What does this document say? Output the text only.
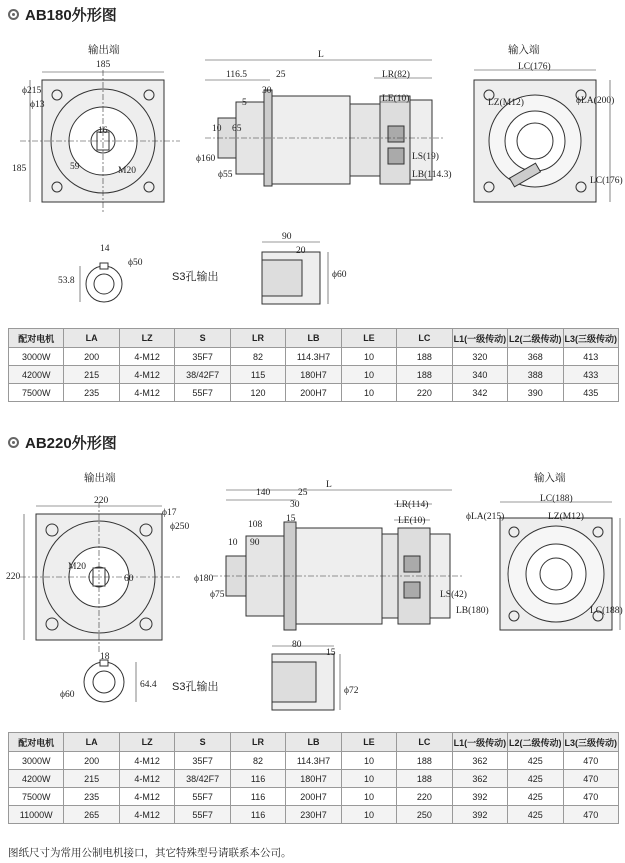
AB180外形图
输出端	输入端
ϕ215
185
ϕ13
185
16
59	M20
L
116.5	25
30
5
10 65
ϕ160
ϕ55
LR(82)
LE(10)
LS(19)
LB(114.3)
14
ϕ50
53.8
90
20
ϕ60
LC(176)
LZ(M12)	ϕLA(200)
LC(176)
S3孔输出
配对电机	LA	LZ	S	LR	LB	LE	LC	L1(一级传动)	L2(二级传动)	L3(三级传动)
3000W	200	4-M12	35F7	82	114.3H7	10	188	320	368	413
4200W	215	4-M12	38/42F7	115	180H7	10	188	340	388	433
7500W	235	4-M12	55F7	120	200H7	10	220	342	390	435
AB220外形图
输出端	输入端
220
ϕ17
ϕ250
220
M20
60
L
140	25
30
108
15
10 90
ϕ180
ϕ75
LR(114)
LE(10)
LS(42)
LB(180)
18
64.4
ϕ60
80
15
ϕ72
LC(188)
LZ(M12)
ϕLA(215)
LC(188)
S3孔输出
配对电机	LA	LZ	S	LR	LB	LE	LC	L1(一级传动)	L2(二级传动)	L3(三级传动)
3000W	200	4-M12	35F7	82	114.3H7	10	188	362	425	470
4200W	215	4-M12	38/42F7	116	180H7	10	188	362	425	470
7500W	235	4-M12	55F7	116	200H7	10	220	392	425	470
11000W	265	4-M12	55F7	116	230H7	10	250	392	425	470
图纸尺寸为常用公制电机接口，其它特殊型号请联系本公司。
